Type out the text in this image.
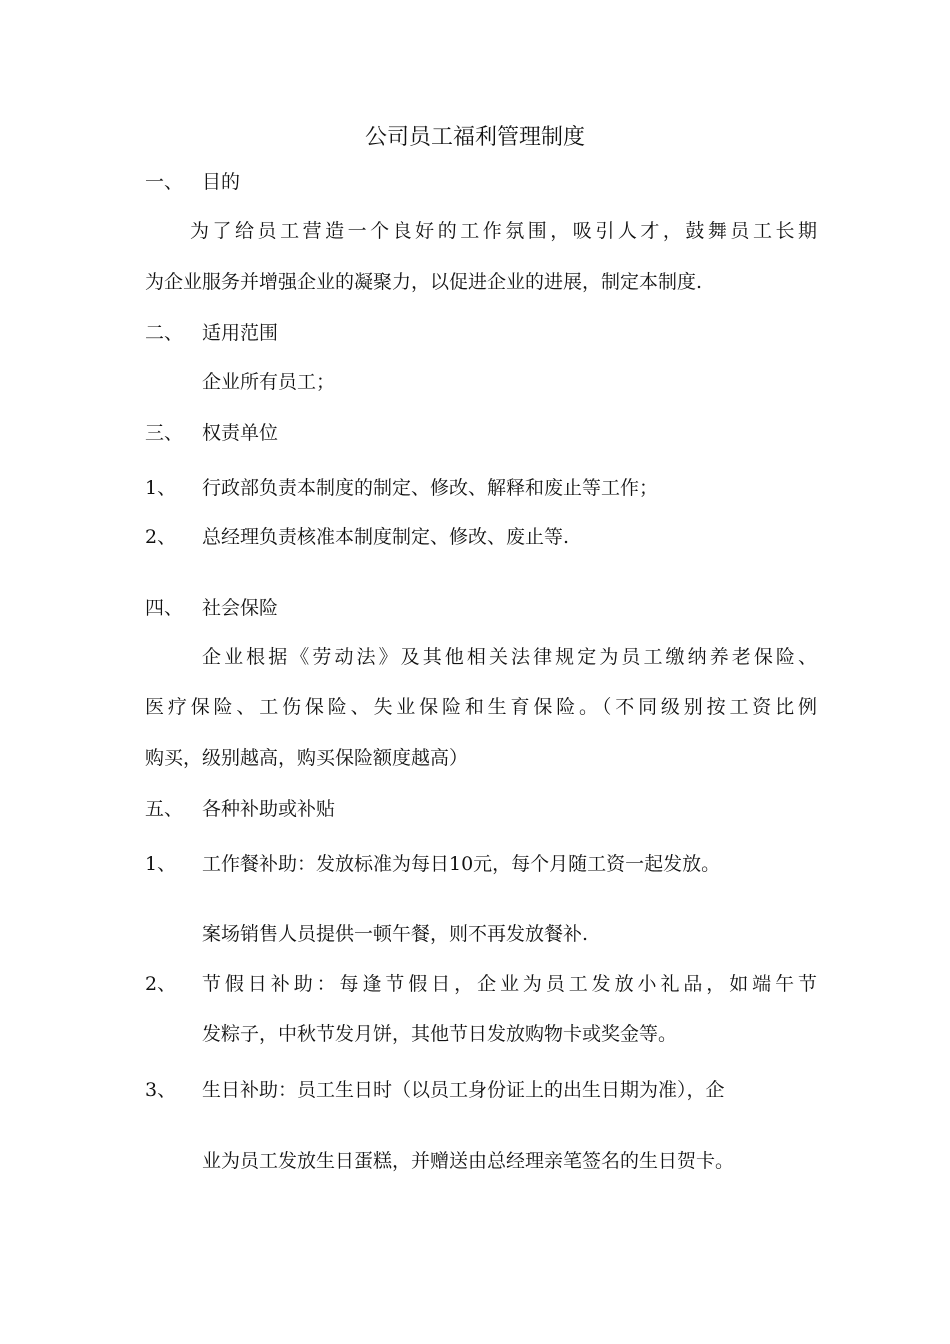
公司员工福利管理制度
一、 目的
为了给员工营造一个良好的工作氛围，吸引人才，鼓舞员工长期
为企业服务并增强企业的凝聚力，以促进企业的进展，制定本制度.
二、 适用范围
企业所有员工；
三、 权责单位
1、 行政部负责本制度的制定、修改、解释和废止等工作；
2、 总经理负责核准本制度制定、修改、废止等.
四、 社会保险
企业根据《劳动法》及其他相关法律规定为员工缴纳养老保险、
医疗保险、工伤保险、失业保险和生育保险。（不同级别按工资比例
购买，级别越高，购买保险额度越高）
五、 各种补助或补贴
1、 工作餐补助：发放标准为每日10元，每个月随工资一起发放。
案场销售人员提供一顿午餐，则不再发放餐补.
2、 节假日补助：每逢节假日，企业为员工发放小礼品，如端午节
发粽子，中秋节发月饼，其他节日发放购物卡或奖金等。
3、 生日补助：员工生日时（以员工身份证上的出生日期为准），企
业为员工发放生日蛋糕，并赠送由总经理亲笔签名的生日贺卡。
